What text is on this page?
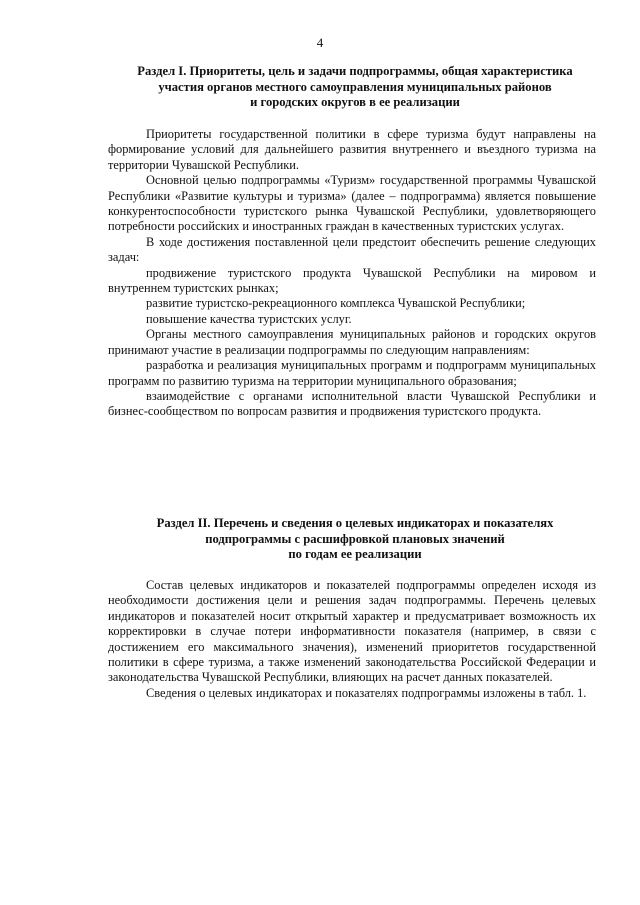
4
Раздел I. Приоритеты, цель и задачи подпрограммы, общая характеристика
участия органов местного самоуправления муниципальных районов
и городских округов в ее реализации

Приоритеты государственной политики в сфере туризма будут направлены на формирование условий для дальнейшего развития внутреннего и въездного туризма на территории Чувашской Республики.

Основной целью подпрограммы «Туризм» государственной программы Чувашской Республики «Развитие культуры и туризма» (далее – подпрограмма) является повышение конкурентоспособности туристского рынка Чувашской Республики, удовлетворяющего потребности российских и иностранных граждан в качественных туристских услугах.

В ходе достижения поставленной цели предстоит обеспечить решение следующих задач:

продвижение туристского продукта Чувашской Республики на мировом и внутреннем туристских рынках;

развитие туристско-рекреационного комплекса Чувашской Республики;

повышение качества туристских услуг.

Органы местного самоуправления муниципальных районов и городских округов принимают участие в реализации подпрограммы по следующим направлениям:

разработка и реализация муниципальных программ и подпрограмм муниципальных программ по развитию туризма на территории муниципального образования;

взаимодействие с органами исполнительной власти Чувашской Республики и бизнес-сообществом по вопросам развития и продвижения туристского продукта.

Раздел II. Перечень и сведения о целевых индикаторах и показателях
подпрограммы с расшифровкой плановых значений
по годам ее реализации

Состав целевых индикаторов и показателей подпрограммы определен исходя из необходимости достижения цели и решения задач подпрограммы. Перечень целевых индикаторов и показателей носит открытый характер и предусматривает возможность их корректировки в случае потери информативности показателя (например, в связи с достижением его максимального значения), изменений приоритетов государственной политики в сфере туризма, а также изменений законодательства Российской Федерации и законодательства Чувашской Республики, влияющих на расчет данных показателей.

Сведения о целевых индикаторах и показателях подпрограммы изложены в табл. 1.
